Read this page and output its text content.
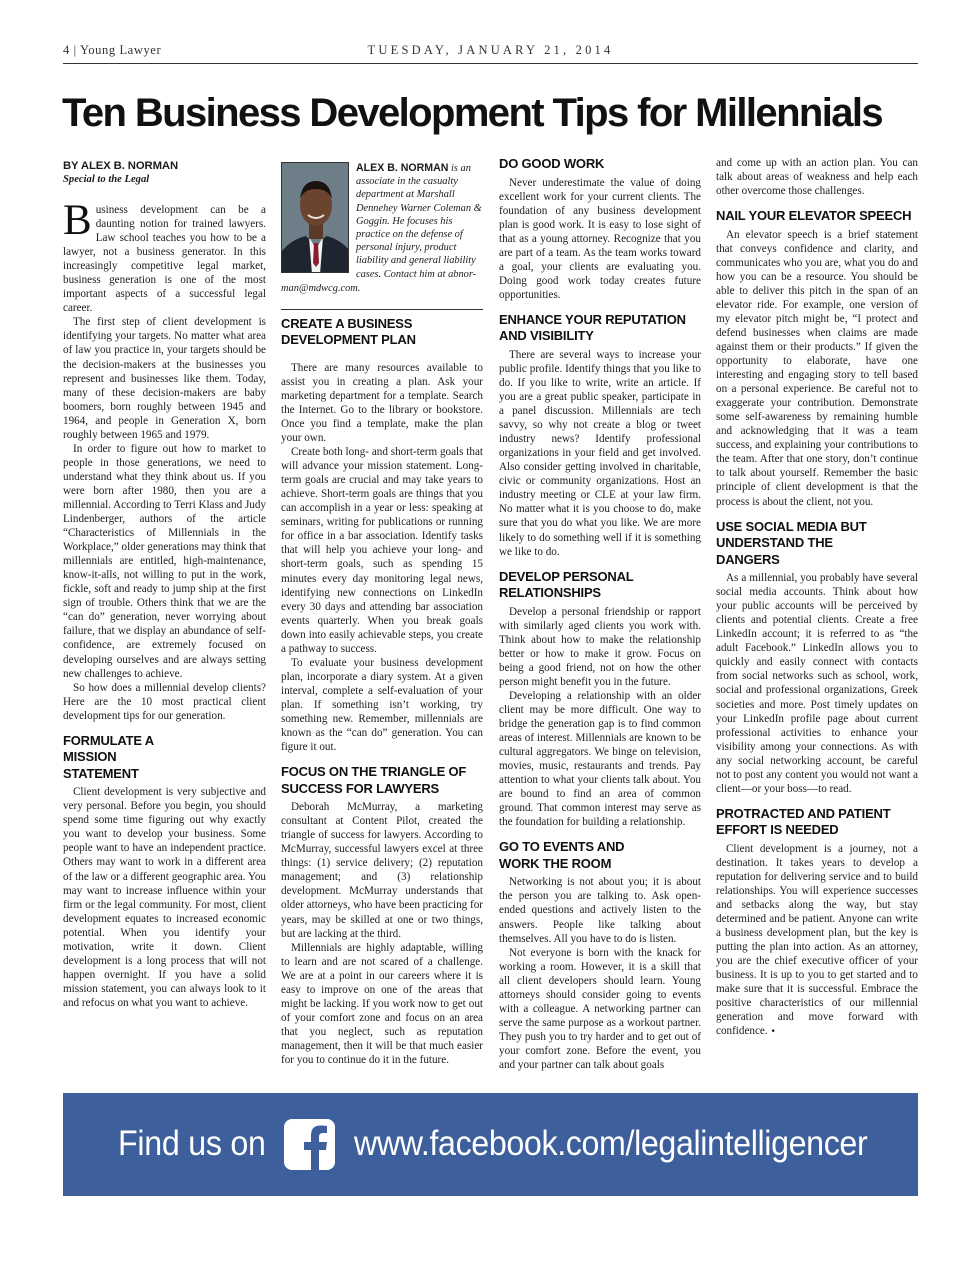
4 | Young Lawyer	TUESDAY, JANUARY 21, 2014
Ten Business Development Tips for Millennials
BY ALEX B. NORMAN
Special to the Legal

Business development can be a daunting notion for trained lawyers. Law school teaches you how to be a lawyer, not a business generator. In this increasingly competitive legal market, business generation is one of the most important aspects of a successful legal career.

The first step of client development is identifying your targets. No matter what area of law you practice in, your targets should be the decision-makers at the businesses you represent and businesses like them. Today, many of these decision-makers are baby boomers, born roughly between 1945 and 1964, and people in Generation X, born roughly between 1965 and 1979.

In order to figure out how to market to people in those generations, we need to understand what they think about us. If you were born after 1980, then you are a millennial. According to Terri Klass and Judy Lindenberger, authors of the article “Characteristics of Millennials in the Workplace,” older generations may think that millennials are entitled, high-maintenance, know-it-alls, not willing to put in the work, fickle, soft and ready to jump ship at the first sign of trouble. Others think that we are the “can do” generation, never worrying about failure, that we display an abundance of self-confidence, are extremely focused on developing ourselves and are always setting new challenges to achieve.

So how does a millennial develop clients? Here are the 10 most practical client development tips for our generation.

FORMULATE A MISSION STATEMENT

Client development is very subjective and very personal. Before you begin, you should spend some time figuring out why exactly you want to develop your business. Some people want to have an independent practice. Others may want to work in a different area of the law or a different geographic area. You may want to increase influence within your firm or the legal community. For most, client development equates to increased economic potential. When you identify your motivation, write it down. Client development is a long process that will not happen overnight. If you have a solid mission statement, you can always look to it and refocus on what you want to achieve.

ALEX B. NORMAN is an associate in the casualty department at Marshall Dennehey Warner Coleman & Goggin. He focuses his practice on the defense of personal injury, product liability and general liability cases. Contact him at abnor-
man@mdwcg.com.
CREATE A BUSINESS DEVELOPMENT PLAN

There are many resources available to assist you in creating a plan. Ask your marketing department for a template. Search the Internet. Go to the library or bookstore. Once you find a template, make the plan your own.

Create both long- and short-term goals that will advance your mission statement. Long-term goals are crucial and may take years to achieve. Short-term goals are things that you can accomplish in a year or less: speaking at seminars, writing for publications or running for office in a bar association. Identify tasks that will help you achieve your long- and short-term goals, such as spending 15 minutes every day monitoring legal news, identifying new connections on LinkedIn every 30 days and attending bar association events quarterly. When you break goals down into easily achievable steps, you create a pathway to success.

To evaluate your business development plan, incorporate a diary system. At a given interval, complete a self-evaluation of your plan. If something isn’t working, try something new. Remember, millennials are known as the “can do” generation. You can figure it out.

FOCUS ON THE TRIANGLE OF SUCCESS FOR LAWYERS

Deborah McMurray, a marketing consultant at Content Pilot, created the triangle of success for lawyers. According to McMurray, successful lawyers excel at three things: (1) service delivery; (2) reputation management; and (3) relationship development. McMurray understands that older attorneys, who have been practicing for years, may be skilled at one or two things, but are lacking at the third.

Millennials are highly adaptable, willing to learn and are not scared of a challenge. We are at a point in our careers where it is easy to improve on one of the areas that might be lacking. If you work now to get out of your comfort zone and focus on an area that you neglect, such as reputation management, then it will be that much easier for you to continue do it in the future.

DO GOOD WORK

Never underestimate the value of doing excellent work for your current clients. The foundation of any business development plan is good work. It is easy to lose sight of that as a young attorney. Recognize that you are part of a team. As the team works toward a goal, your clients are evaluating you. Doing good work today creates future opportunities.

ENHANCE YOUR REPUTATION AND VISIBILITY

There are several ways to increase your public profile. Identify things that you like to do. If you like to write, write an article. If you are a great public speaker, participate in a panel discussion. Millennials are tech savvy, so why not create a blog or tweet industry news? Identify professional organizations in your field and get involved. Also consider getting involved in charitable, civic or community organizations. Host an industry meeting or CLE at your law firm. No matter what it is you choose to do, make sure that you do what you like. We are more likely to do something well if it is something we like to do.

DEVELOP PERSONAL RELATIONSHIPS

Develop a personal friendship or rapport with similarly aged clients you work with. Think about how to make the relationship better or how to make it grow. Focus on being a good friend, not on how the other person might benefit you in the future.

Developing a relationship with an older client may be more difficult. One way to bridge the generation gap is to find common areas of interest. Millennials are known to be cultural aggregators. We binge on television, movies, music, restaurants and trends. Pay attention to what your clients talk about. You are bound to find an area of common ground. That common interest may serve as the foundation for building a relationship.

GO TO EVENTS AND WORK THE ROOM

Networking is not about you; it is about the person you are talking to. Ask open-ended questions and actively listen to the answers. People like talking about themselves. All you have to do is listen.

Not everyone is born with the knack for working a room. However, it is a skill that all client developers should learn. Young attorneys should consider going to events with a colleague. A networking partner can serve the same purpose as a workout partner. They push you to try harder and to get out of your comfort zone. Before the event, you and your partner can talk about goals

and come up with an action plan. You can talk about areas of weakness and help each other overcome those challenges.

NAIL YOUR ELEVATOR SPEECH

An elevator speech is a brief statement that conveys confidence and clarity, and communicates who you are, what you do and how you can be a resource. You should be able to deliver this pitch in the span of an elevator ride. For example, one version of my elevator pitch might be, “I protect and defend businesses when claims are made against them or their products.” If given the opportunity to elaborate, have one interesting and engaging story to tell based on a personal experience. Be careful not to exaggerate your contribution. Demonstrate some self-awareness by remaining humble and acknowledging that it was a team success, and explaining your contributions to the team. After that one story, don’t continue to talk about yourself. Remember the basic principle of client development is that the process is about the client, not you.

USE SOCIAL MEDIA BUT UNDERSTAND THE DANGERS

As a millennial, you probably have several social media accounts. Think about how your public accounts will be perceived by clients and potential clients. Create a free LinkedIn account; it is referred to as “the adult Facebook.” LinkedIn allows you to quickly and easily connect with contacts from social networks such as school, work, social and professional organizations, Greek societies and more. Post timely updates on your LinkedIn profile page about current professional activities to enhance your visibility among your connections. As with any social networking account, be careful not to post any content you would not want a client—or your boss—to read.

PROTRACTED AND PATIENT EFFORT IS NEEDED

Client development is a journey, not a destination. It takes years to develop a reputation for delivering service and to build relationships. You will experience successes and setbacks along the way, but stay determined and be patient. Anyone can write a business development plan, but the key is putting the plan into action. As an attorney, you are the chief executive officer of your business. It is up to you to get started and to make sure that it is successful. Embrace the positive characteristics of our millennial generation and move forward with confidence. •

Find us on	www.facebook.com/legalintelligencer
